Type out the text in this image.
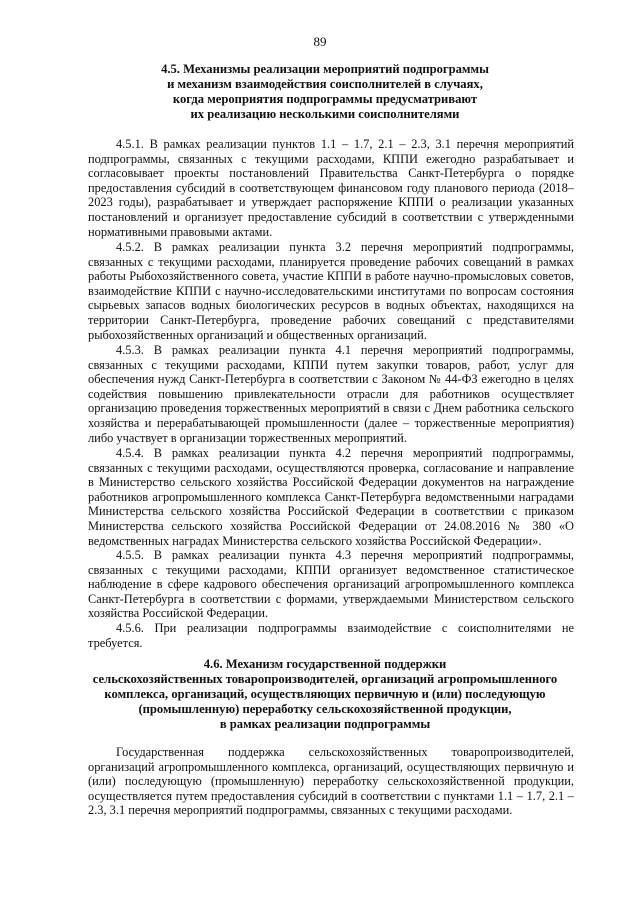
89
4.5. Механизмы реализации мероприятий подпрограммы
и механизм взаимодействия соисполнителей в случаях,
когда мероприятия подпрограммы предусматривают
их реализацию несколькими соисполнителями

4.5.1. В рамках реализации пунктов 1.1 – 1.7, 2.1 – 2.3, 3.1 перечня мероприятий подпрограммы, связанных с текущими расходами, КППИ ежегодно разрабатывает и согласовывает проекты постановлений Правительства Санкт-Петербурга о порядке предоставления субсидий в соответствующем финансовом году планового периода (2018–2023 годы), разрабатывает и утверждает распоряжение КППИ о реализации указанных постановлений и организует предоставление субсидий в соответствии с утвержденными нормативными правовыми актами.

4.5.2. В рамках реализации пункта 3.2 перечня мероприятий подпрограммы, связанных с текущими расходами, планируется проведение рабочих совещаний в рамках работы Рыбохозяйственного совета, участие КППИ в работе научно-промысловых советов, взаимодействие КППИ с научно-исследовательскими институтами по вопросам состояния сырьевых запасов водных биологических ресурсов в водных объектах, находящихся на территории Санкт-Петербурга, проведение рабочих совещаний с представителями рыбохозяйственных организаций и общественных организаций.

4.5.3. В рамках реализации пункта 4.1 перечня мероприятий подпрограммы, связанных с текущими расходами, КППИ путем закупки товаров, работ, услуг для обеспечения нужд Санкт-Петербурга в соответствии с Законом № 44-ФЗ ежегодно в целях содействия повышению привлекательности отрасли для работников осуществляет организацию проведения торжественных мероприятий в связи с Днем работника сельского хозяйства и перерабатывающей промышленности (далее – торжественные мероприятия) либо участвует в организации торжественных мероприятий.

4.5.4. В рамках реализации пункта 4.2 перечня мероприятий подпрограммы, связанных с текущими расходами, осуществляются проверка, согласование и направление в Министерство сельского хозяйства Российской Федерации документов на награждение работников агропромышленного комплекса Санкт-Петербурга ведомственными наградами Министерства сельского хозяйства Российской Федерации в соответствии с приказом Министерства сельского хозяйства Российской Федерации от 24.08.2016 № 380 «О ведомственных наградах Министерства сельского хозяйства Российской Федерации».

4.5.5. В рамках реализации пункта 4.3 перечня мероприятий подпрограммы, связанных с текущими расходами, КППИ организует ведомственное статистическое наблюдение в сфере кадрового обеспечения организаций агропромышленного комплекса Санкт-Петербурга в соответствии с формами, утверждаемыми Министерством сельского хозяйства Российской Федерации.

4.5.6. При реализации подпрограммы взаимодействие с соисполнителями не требуется.

4.6. Механизм государственной поддержки
сельскохозяйственных товаропроизводителей, организаций агропромышленного
комплекса, организаций, осуществляющих первичную и (или) последующую
(промышленную) переработку сельскохозяйственной продукции,
в рамках реализации подпрограммы

Государственная поддержка сельскохозяйственных товаропроизводителей, организаций агропромышленного комплекса, организаций, осуществляющих первичную и (или) последующую (промышленную) переработку сельскохозяйственной продукции, осуществляется путем предоставления субсидий в соответствии с пунктами 1.1 – 1.7, 2.1 – 2.3, 3.1 перечня мероприятий подпрограммы, связанных с текущими расходами.
